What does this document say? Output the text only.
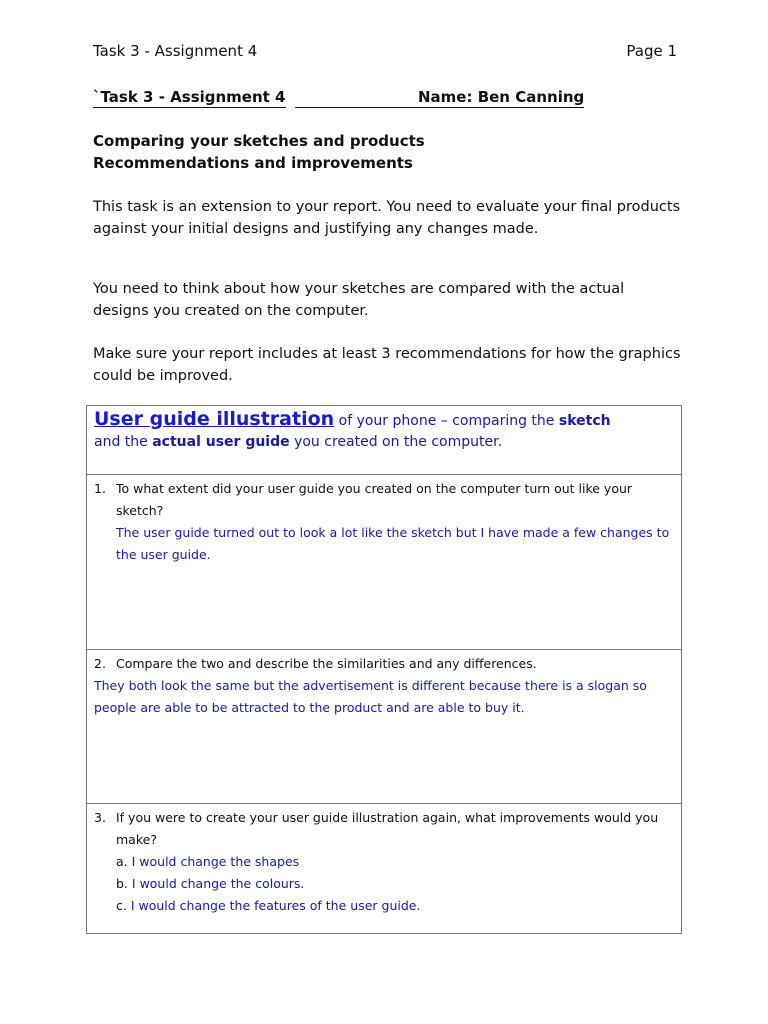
Task 3 - Assignment 4	Page 1
`Task 3 - Assignment 4	Name: Ben Canning
Comparing your sketches and products
Recommendations and improvements
This task is an extension to your report. You need to evaluate your final products against your initial designs and justifying any changes made.
You need to think about how your sketches are compared with the actual designs you created on the computer.
Make sure your report includes at least 3 recommendations for how the graphics could be improved.
User guide illustration of your phone – comparing the sketch
and the actual user guide you created on the computer.
1. To what extent did your user guide you created on the computer turn out like your sketch?
The user guide turned out to look a lot like the sketch but I have made a few changes to the user guide.
2. Compare the two and describe the similarities and any differences.
They both look the same but the advertisement is different because there is a slogan so people are able to be attracted to the product and are able to buy it.
3. If you were to create your user guide illustration again, what improvements would you make?
a. I would change the shapes
b. I would change the colours.
c. I would change the features of the user guide.
